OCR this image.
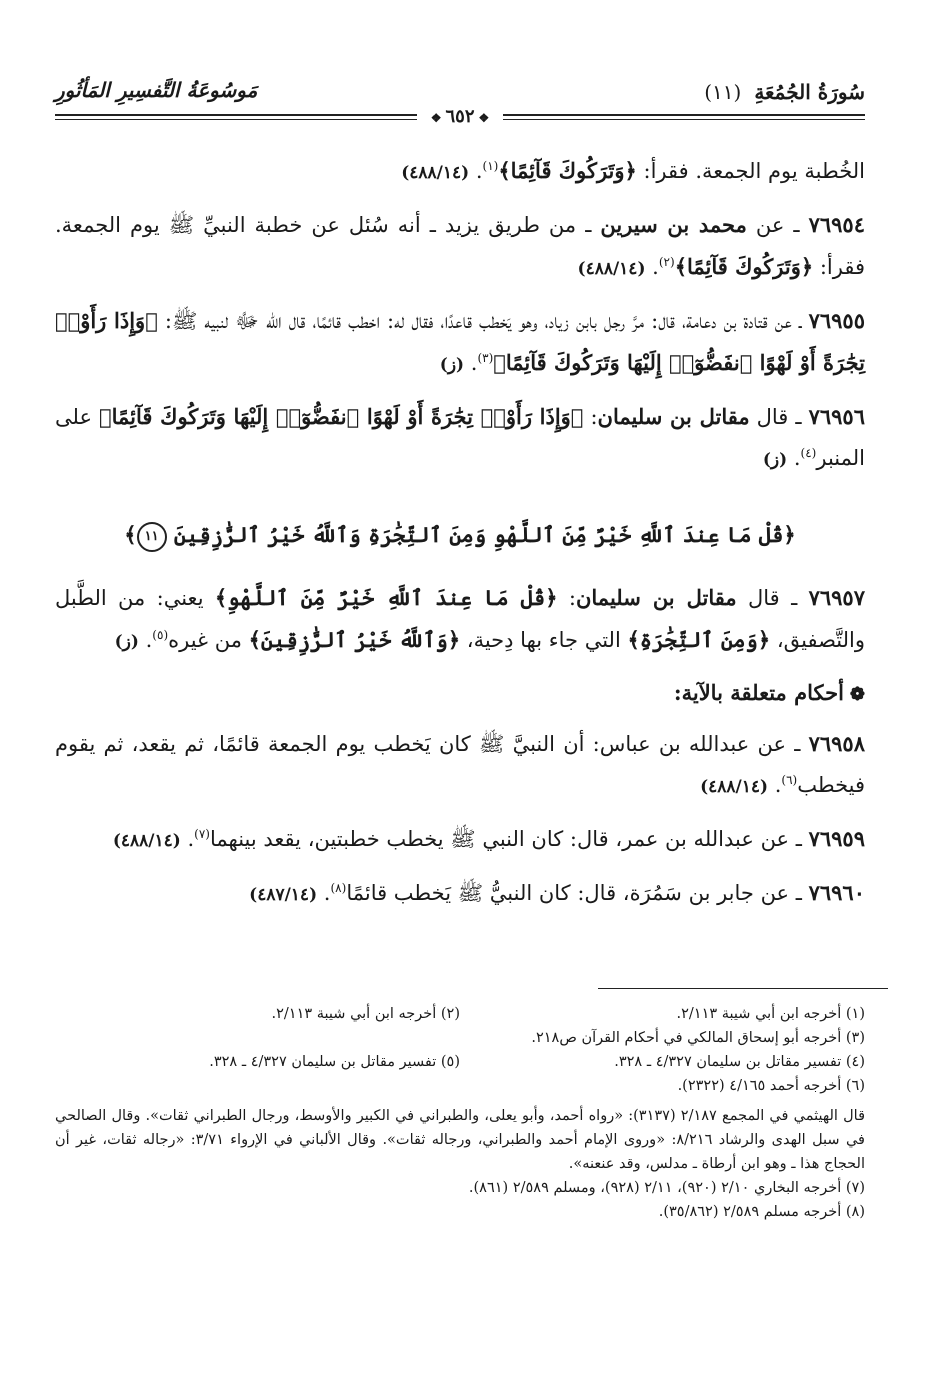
سُورَةُ الجُمُعَةِ (١١)
مَوسُوعَةُ التَّفسِيرِ المَأثُورِ
❖٦٥٢❖

الخُطبة يوم الجمعة. فقرأ: ﴿وَتَرَكُوكَ قَآئِمًا﴾$^{(١)}$. (٤٨٨/١٤)

٧٦٩٥٤ ـ عن محمد بن سيرين ـ من طريق يزيد ـ أنه سُئل عن خطبة النبيِّ ﷺ يوم الجمعة. فقرأ: ﴿وَتَرَكُوكَ قَآئِمًا﴾$^{(٢)}$. (٤٨٨/١٤)

٧٦٩٥٥ ـ عن قتادة بن دعامة، قال: مرَّ رجل بابن زياد، وهو يَخطب قاعدًا، فقال له: اخطب قائمًا، قال الله ﷻ لنبيه ﷺ: ﴿وَإِذَا رَأَوْا۟ تِجَٰرَةً أَوْ لَهْوًا ٱنفَضُّوٓا۟ إِلَيْهَا وَتَرَكُوكَ قَآئِمًا﴾$^{(٣)}$. (ز)

٧٦٩٥٦ ـ قال مقاتل بن سليمان: ﴿وَإِذَا رَأَوْا۟ تِجَٰرَةً أَوْ لَهْوًا ٱنفَضُّوٓا۟ إِلَيْهَا وَتَرَكُوكَ قَآئِمًا﴾ على المنبر$^{(٤)}$. (ز)

﴿قُلْ مَا عِندَ ٱللَّهِ خَيْرٌ مِّنَ ٱللَّهْوِ وَمِنَ ٱلتِّجَٰرَةِ وَٱللَّهُ خَيْرُ ٱلرَّٰزِقِينَ ١١﴾

٧٦٩٥٧ ـ قال مقاتل بن سليمان: ﴿قُلْ مَا عِندَ ٱللَّهِ خَيْرٌ مِّنَ ٱللَّهْوِ﴾ يعني: من الطَّبل والتَّصفيق، ﴿وَمِنَ ٱلتِّجَٰرَةِ﴾ التي جاء بها دِحية، ﴿وَٱللَّهُ خَيْرُ ٱلرَّٰزِقِينَ﴾ من غيره$^{(٥)}$. (ز)

❁أحكام متعلقة بالآية:

٧٦٩٥٨ ـ عن عبدالله بن عباس: أن النبيَّ ﷺ كان يَخطب يوم الجمعة قائمًا، ثم يقعد، ثم يقوم فيخطب$^{(٦)}$. (٤٨٨/١٤)

٧٦٩٥٩ ـ عن عبدالله بن عمر، قال: كان النبي ﷺ يخطب خطبتين، يقعد بينهما$^{(٧)}$. (٤٨٨/١٤)

٧٦٩٦٠ ـ عن جابر بن سَمُرَة، قال: كان النبيُّ ﷺ يَخطب قائمًا$^{(٨)}$. (٤٨٧/١٤)

(١) أخرجه ابن أبي شيبة ٢/١١٣.
(٢) أخرجه ابن أبي شيبة ٢/١١٣.

(٣) أخرجه أبو إسحاق المالكي في أحكام القرآن ص٢١٨.

(٤) تفسير مقاتل بن سليمان ٤/٣٢٧ ـ ٣٢٨.
(٥) تفسير مقاتل بن سليمان ٤/٣٢٧ ـ ٣٢٨.

(٦) أخرجه أحمد ٤/١٦٥ (٢٣٢٢).

قال الهيثمي في المجمع ٢/١٨٧ (٣١٣٧): «رواه أحمد، وأبو يعلى، والطبراني في الكبير والأوسط، ورجال الطبراني ثقات». وقال الصالحي في سبل الهدى والرشاد ٨/٢١٦: «وروى الإمام أحمد والطبراني، ورجاله ثقات». وقال الألباني في الإرواء ٣/٧١: «رجاله ثقات، غير أن الحجاج هذا ـ وهو ابن أرطاة ـ مدلس، وقد عنعنه».

(٧) أخرجه البخاري ٢/١٠ (٩٢٠)، ٢/١١ (٩٢٨)، ومسلم ٢/٥٨٩ (٨٦١).

(٨) أخرجه مسلم ٢/٥٨٩ (٣٥/٨٦٢).
